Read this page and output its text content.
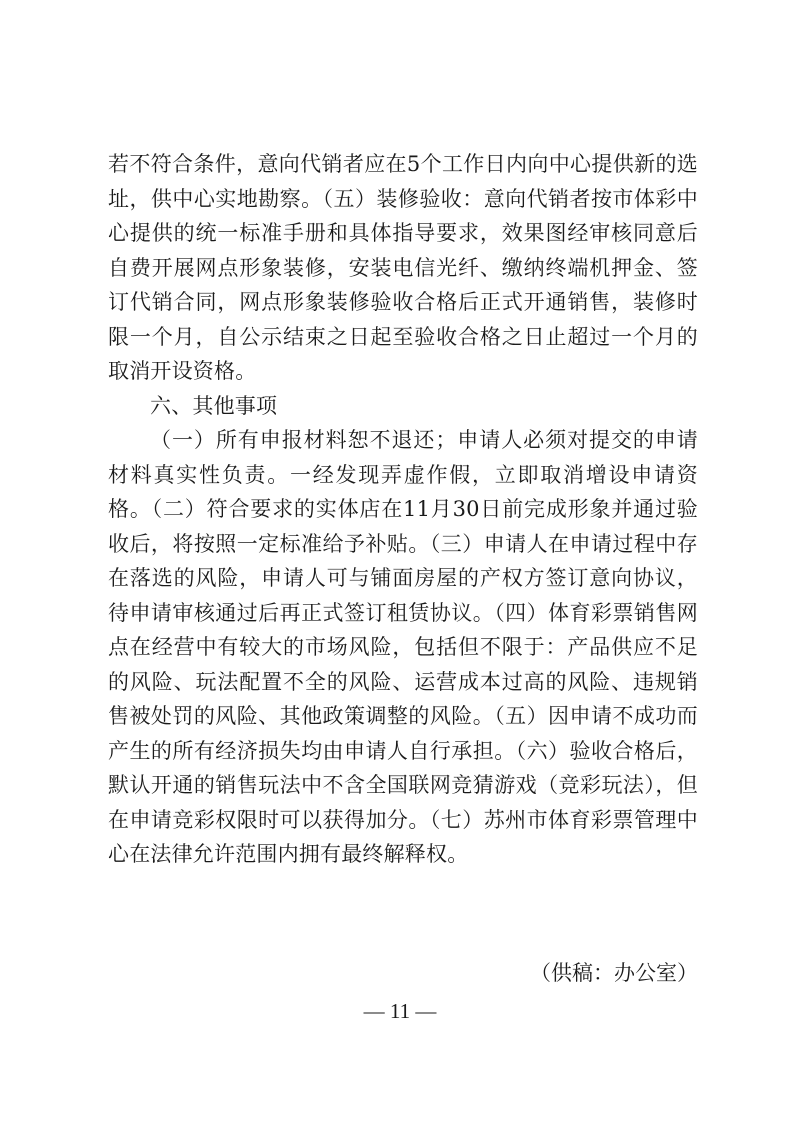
若不符合条件，意向代销者应在5个工作日内向中心提供新的选址，供中心实地勘察。（五）装修验收：意向代销者按市体彩中心提供的统一标准手册和具体指导要求，效果图经审核同意后自费开展网点形象装修，安装电信光纤、缴纳终端机押金、签订代销合同，网点形象装修验收合格后正式开通销售，装修时限一个月，自公示结束之日起至验收合格之日止超过一个月的取消开设资格。

六、其他事项

（一）所有申报材料恕不退还；申请人必须对提交的申请材料真实性负责。一经发现弄虚作假，立即取消增设申请资格。（二）符合要求的实体店在11月30日前完成形象并通过验收后，将按照一定标准给予补贴。（三）申请人在申请过程中存在落选的风险，申请人可与铺面房屋的产权方签订意向协议，待申请审核通过后再正式签订租赁协议。（四）体育彩票销售网点在经营中有较大的市场风险，包括但不限于：产品供应不足的风险、玩法配置不全的风险、运营成本过高的风险、违规销售被处罚的风险、其他政策调整的风险。（五）因申请不成功而产生的所有经济损失均由申请人自行承担。（六）验收合格后，默认开通的销售玩法中不含全国联网竞猜游戏（竞彩玩法），但在申请竞彩权限时可以获得加分。（七）苏州市体育彩票管理中心在法律允许范围内拥有最终解释权。

（供稿：办公室）
— 11 —
